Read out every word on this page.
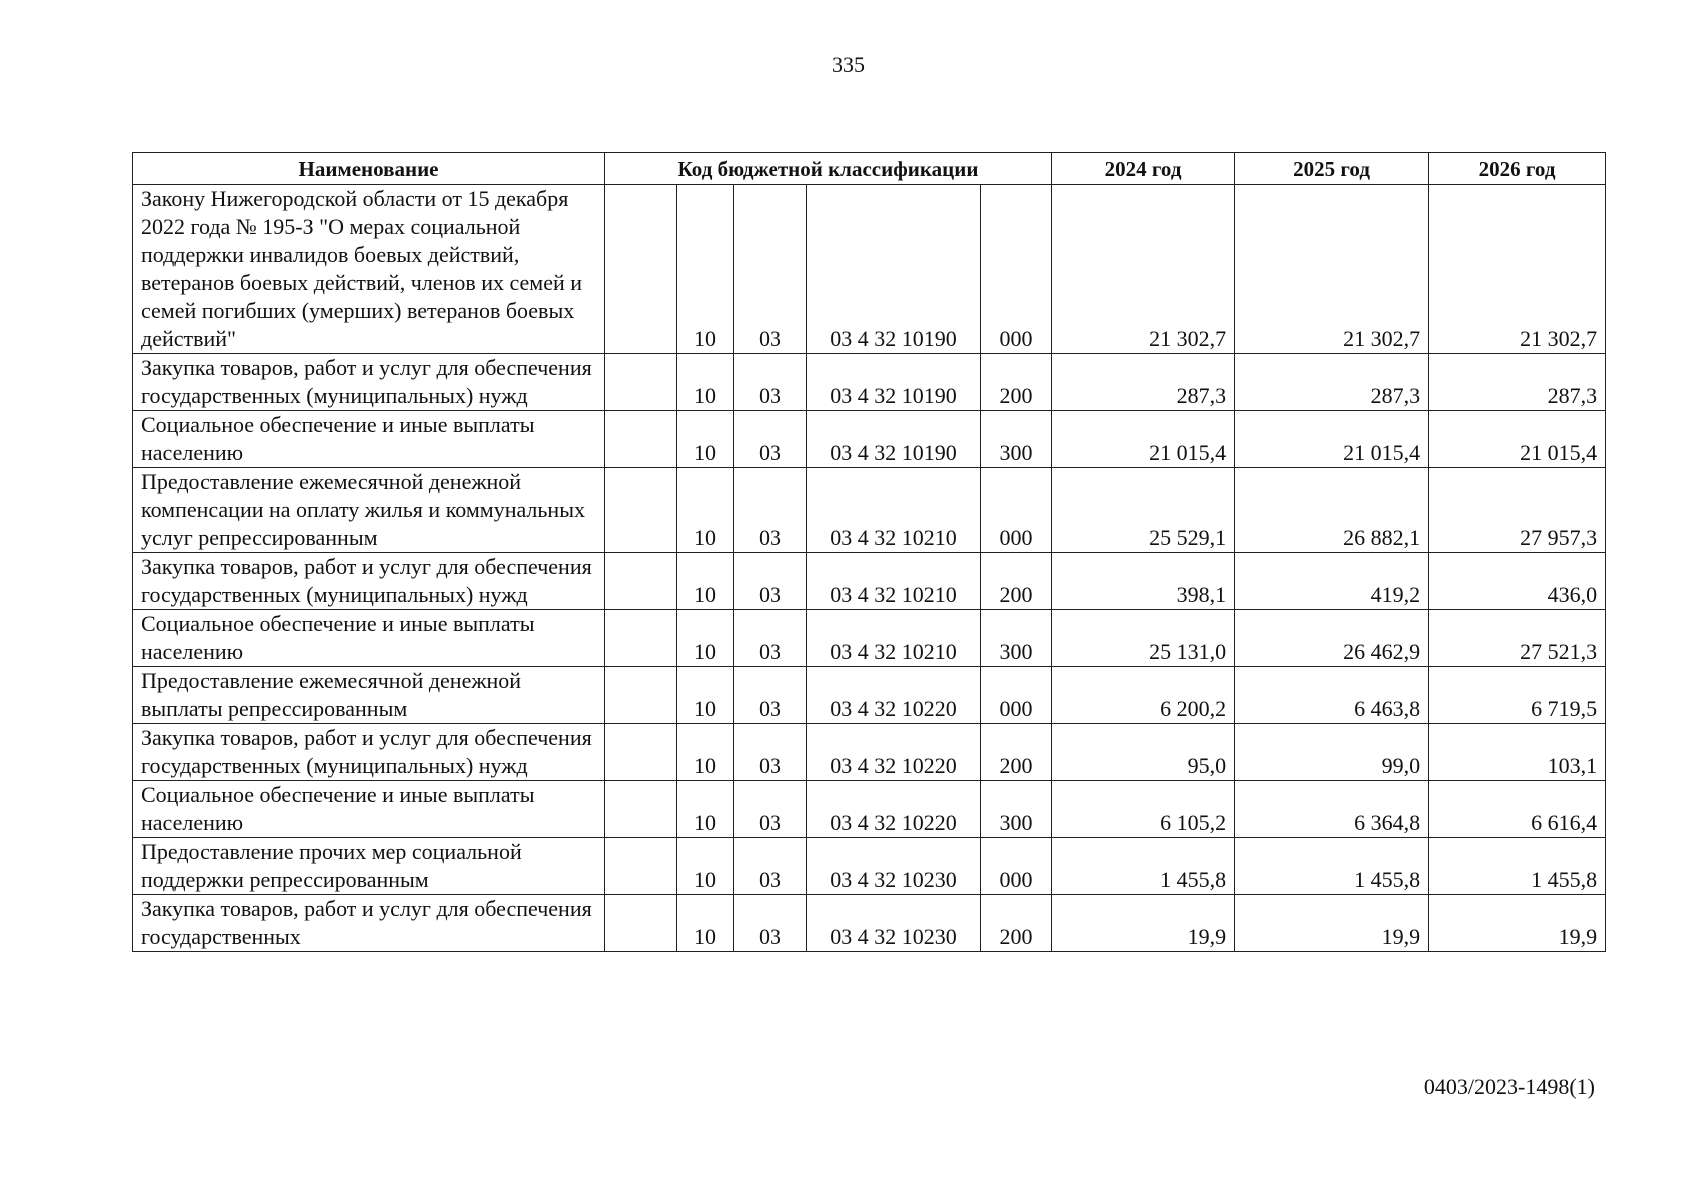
335
Наименование	Код бюджетной классификации					2024 год	2025 год	2026 год
Закону Нижегородской области от 15 декабря 2022 года № 195-З "О мерах социальной поддержки инвалидов боевых действий, ветеранов боевых действий, членов их семей и семей погибших (умерших) ветеранов боевых действий"		10	03	03 4 32 10190	000	21 302,7	21 302,7	21 302,7
Закупка товаров, работ и услуг для обеспечения государственных (муниципальных) нужд		10	03	03 4 32 10190	200	287,3	287,3	287,3
Социальное обеспечение и иные выплаты населению		10	03	03 4 32 10190	300	21 015,4	21 015,4	21 015,4
Предоставление ежемесячной денежной компенсации на оплату жилья и коммунальных услуг репрессированным		10	03	03 4 32 10210	000	25 529,1	26 882,1	27 957,3
Закупка товаров, работ и услуг для обеспечения государственных (муниципальных) нужд		10	03	03 4 32 10210	200	398,1	419,2	436,0
Социальное обеспечение и иные выплаты населению		10	03	03 4 32 10210	300	25 131,0	26 462,9	27 521,3
Предоставление ежемесячной денежной выплаты репрессированным		10	03	03 4 32 10220	000	6 200,2	6 463,8	6 719,5
Закупка товаров, работ и услуг для обеспечения государственных (муниципальных) нужд		10	03	03 4 32 10220	200	95,0	99,0	103,1
Социальное обеспечение и иные выплаты населению		10	03	03 4 32 10220	300	6 105,2	6 364,8	6 616,4
Предоставление прочих мер социальной поддержки репрессированным		10	03	03 4 32 10230	000	1 455,8	1 455,8	1 455,8
Закупка товаров, работ и услуг для обеспечения государственных		10	03	03 4 32 10230	200	19,9	19,9	19,9
0403/2023-1498(1)
